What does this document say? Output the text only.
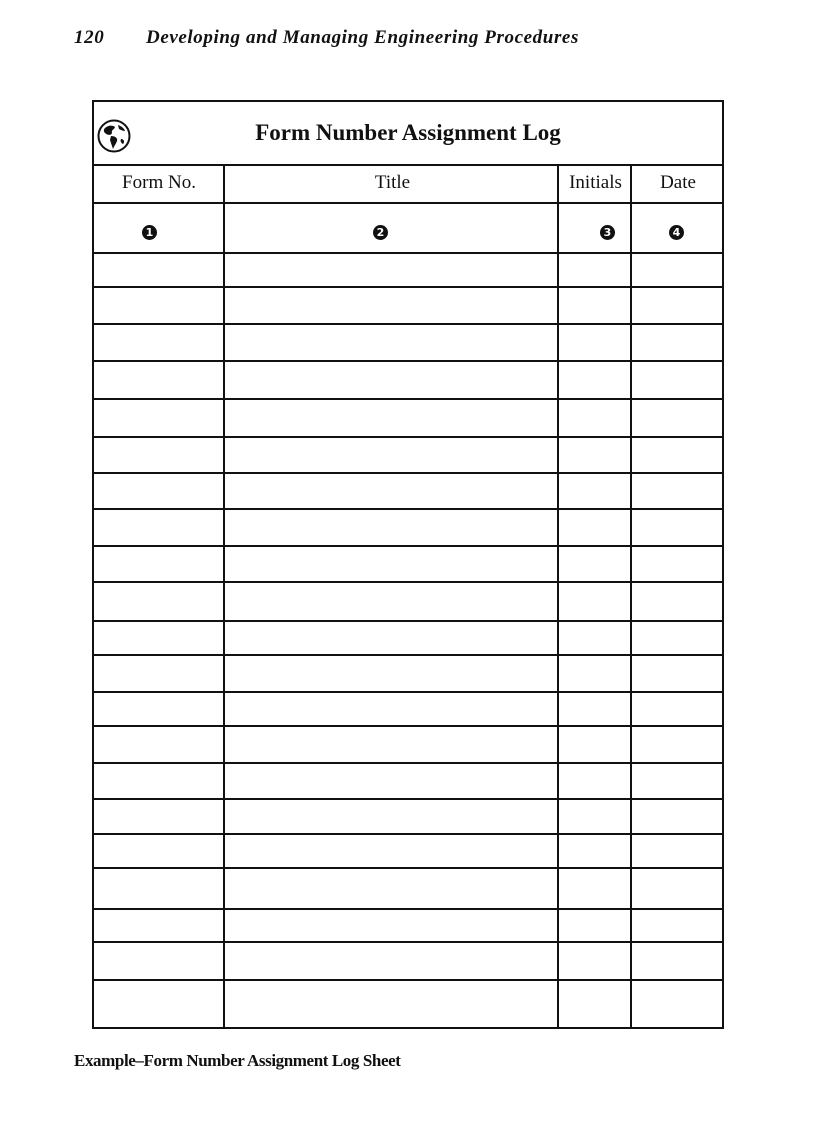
120 Developing and Managing Engineering Procedures
Form Number Assignment Log
Form No.	Title	Initials	Date
1	2	3	4
Example–Form Number Assignment Log Sheet
